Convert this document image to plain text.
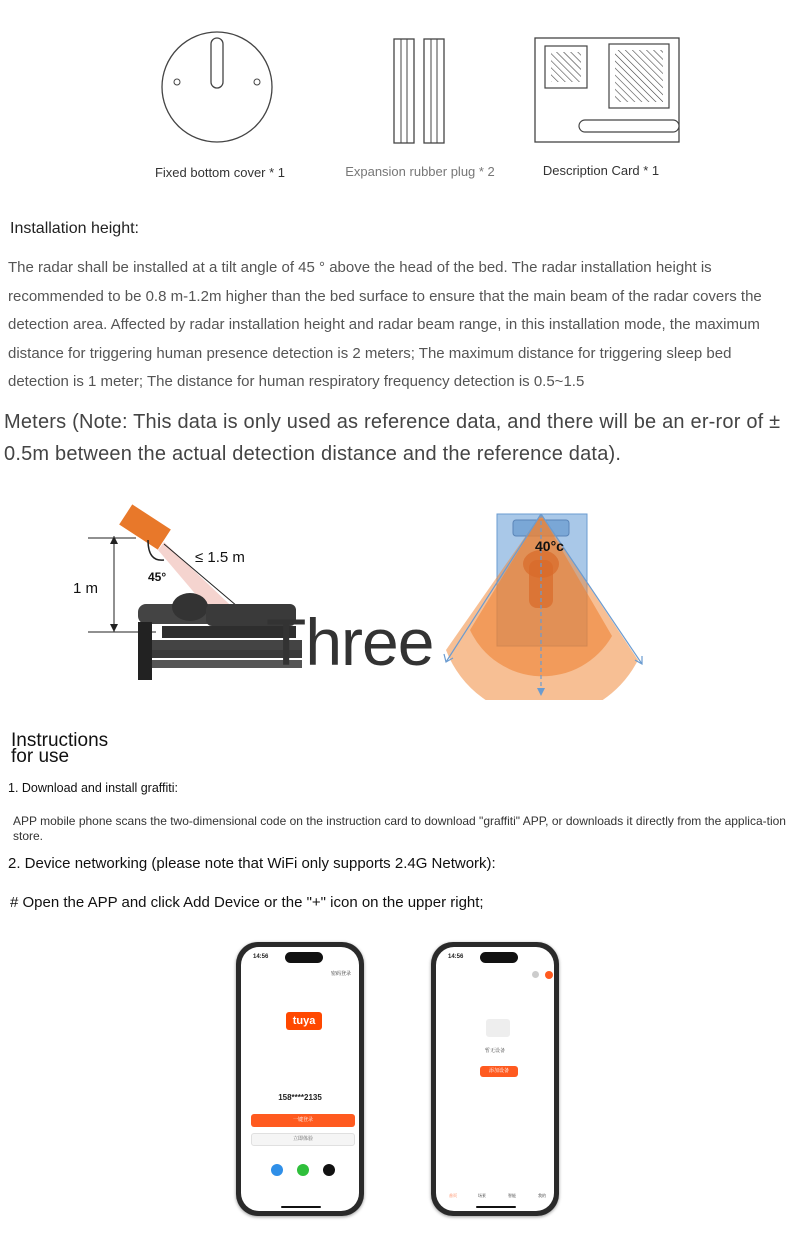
Fixed bottom cover * 1	Expansion rubber plug * 2	Description Card * 1
Installation height:
The radar shall be installed at a tilt angle of 45 ° above the head of the bed. The radar installation height is recommended to be 0.8 m-1.2m higher than the bed surface to ensure that the main beam of the radar covers the detection area. Affected by radar installation height and radar beam range, in this installation mode, the maximum distance for triggering human presence detection is 2 meters; The maximum distance for triggering sleep bed detection is 1 meter; The distance for human respiratory frequency detection is 0.5~1.5
Meters (Note: This data is only used as reference data, and there will be an er-ror of ± 0.5m between the actual detection distance and the reference data).
≤ 1.5 m
1 m
45°
40°c
Three
Instructions for use
1. Download and install graffiti:
APP mobile phone scans the two-dimensional code on the instruction card to download "graffiti" APP, or downloads it directly from the applica-tion store.
2. Device networking (please note that WiFi only supports 2.4G Network):
# Open the APP and click Add Device or the "+" icon on the upper right;
14:56
密码登录
tuya
158****2135
一键登录
立即体验
14:56
暂无设备
添加设备
首页	场景	智能	我的
